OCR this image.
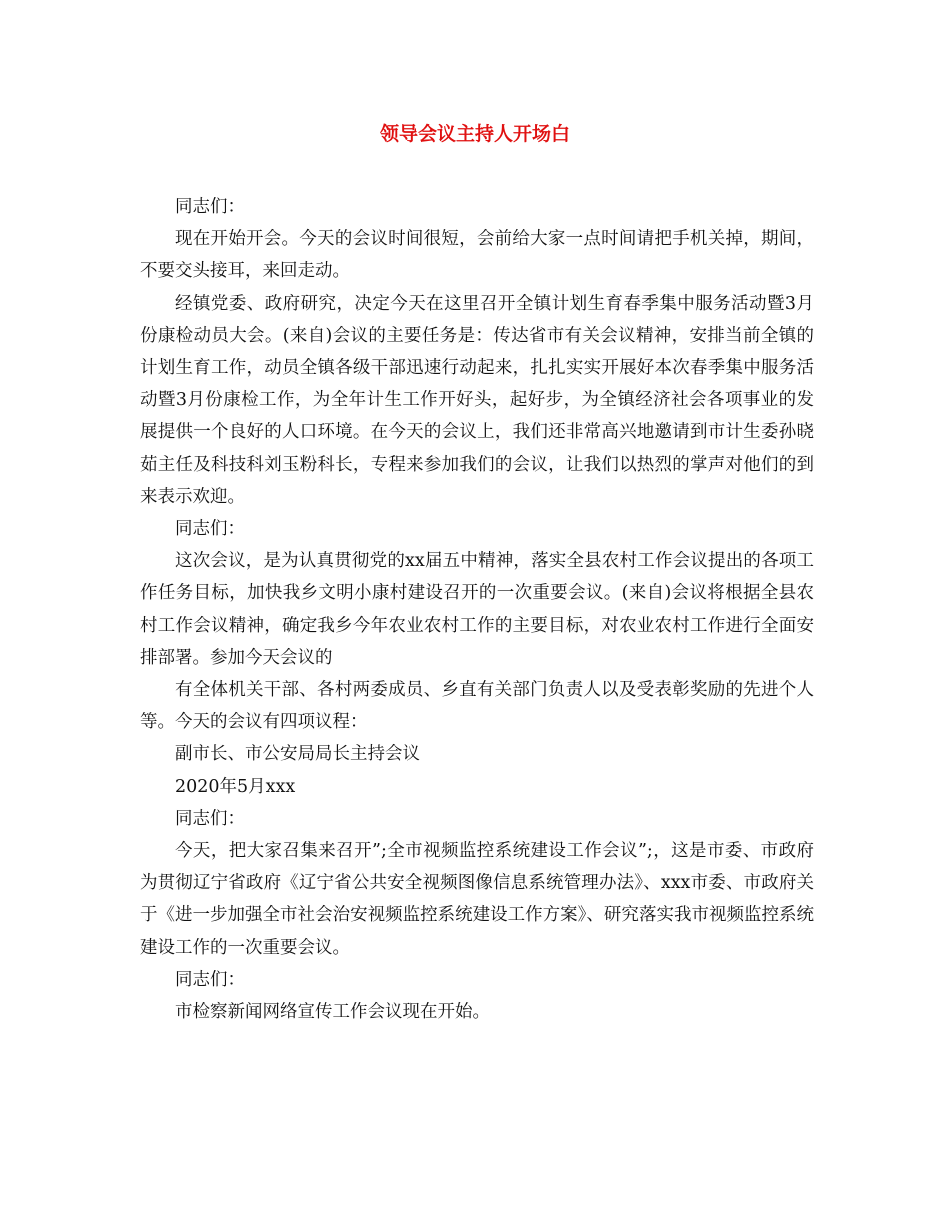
领导会议主持人开场白

同志们：

现在开始开会。今天的会议时间很短，会前给大家一点时间请把手机关掉，期间，不要交头接耳，来回走动。

经镇党委、政府研究，决定今天在这里召开全镇计划生育春季集中服务活动暨3月份康检动员大会。(来自)会议的主要任务是：传达省市有关会议精神，安排当前全镇的计划生育工作，动员全镇各级干部迅速行动起来，扎扎实实开展好本次春季集中服务活动暨3月份康检工作，为全年计生工作开好头，起好步，为全镇经济社会各项事业的发展提供一个良好的人口环境。在今天的会议上，我们还非常高兴地邀请到市计生委孙晓茹主任及科技科刘玉粉科长，专程来参加我们的会议，让我们以热烈的掌声对他们的到来表示欢迎。

同志们：

这次会议，是为认真贯彻党的xx届五中精神，落实全县农村工作会议提出的各项工作任务目标，加快我乡文明小康村建设召开的一次重要会议。(来自)会议将根据全县农村工作会议精神，确定我乡今年农业农村工作的主要目标，对农业农村工作进行全面安排部署。参加今天会议的

有全体机关干部、各村两委成员、乡直有关部门负责人以及受表彰奖励的先进个人等。今天的会议有四项议程：

副市长、市公安局局长主持会议

2020年5月xxx

同志们：

今天，把大家召集来召开”;全市视频监控系统建设工作会议”;，这是市委、市政府为贯彻辽宁省政府《辽宁省公共安全视频图像信息系统管理办法》、xxx市委、市政府关于《进一步加强全市社会治安视频监控系统建设工作方案》、研究落实我市视频监控系统建设工作的一次重要会议。

同志们：

市检察新闻网络宣传工作会议现在开始。
